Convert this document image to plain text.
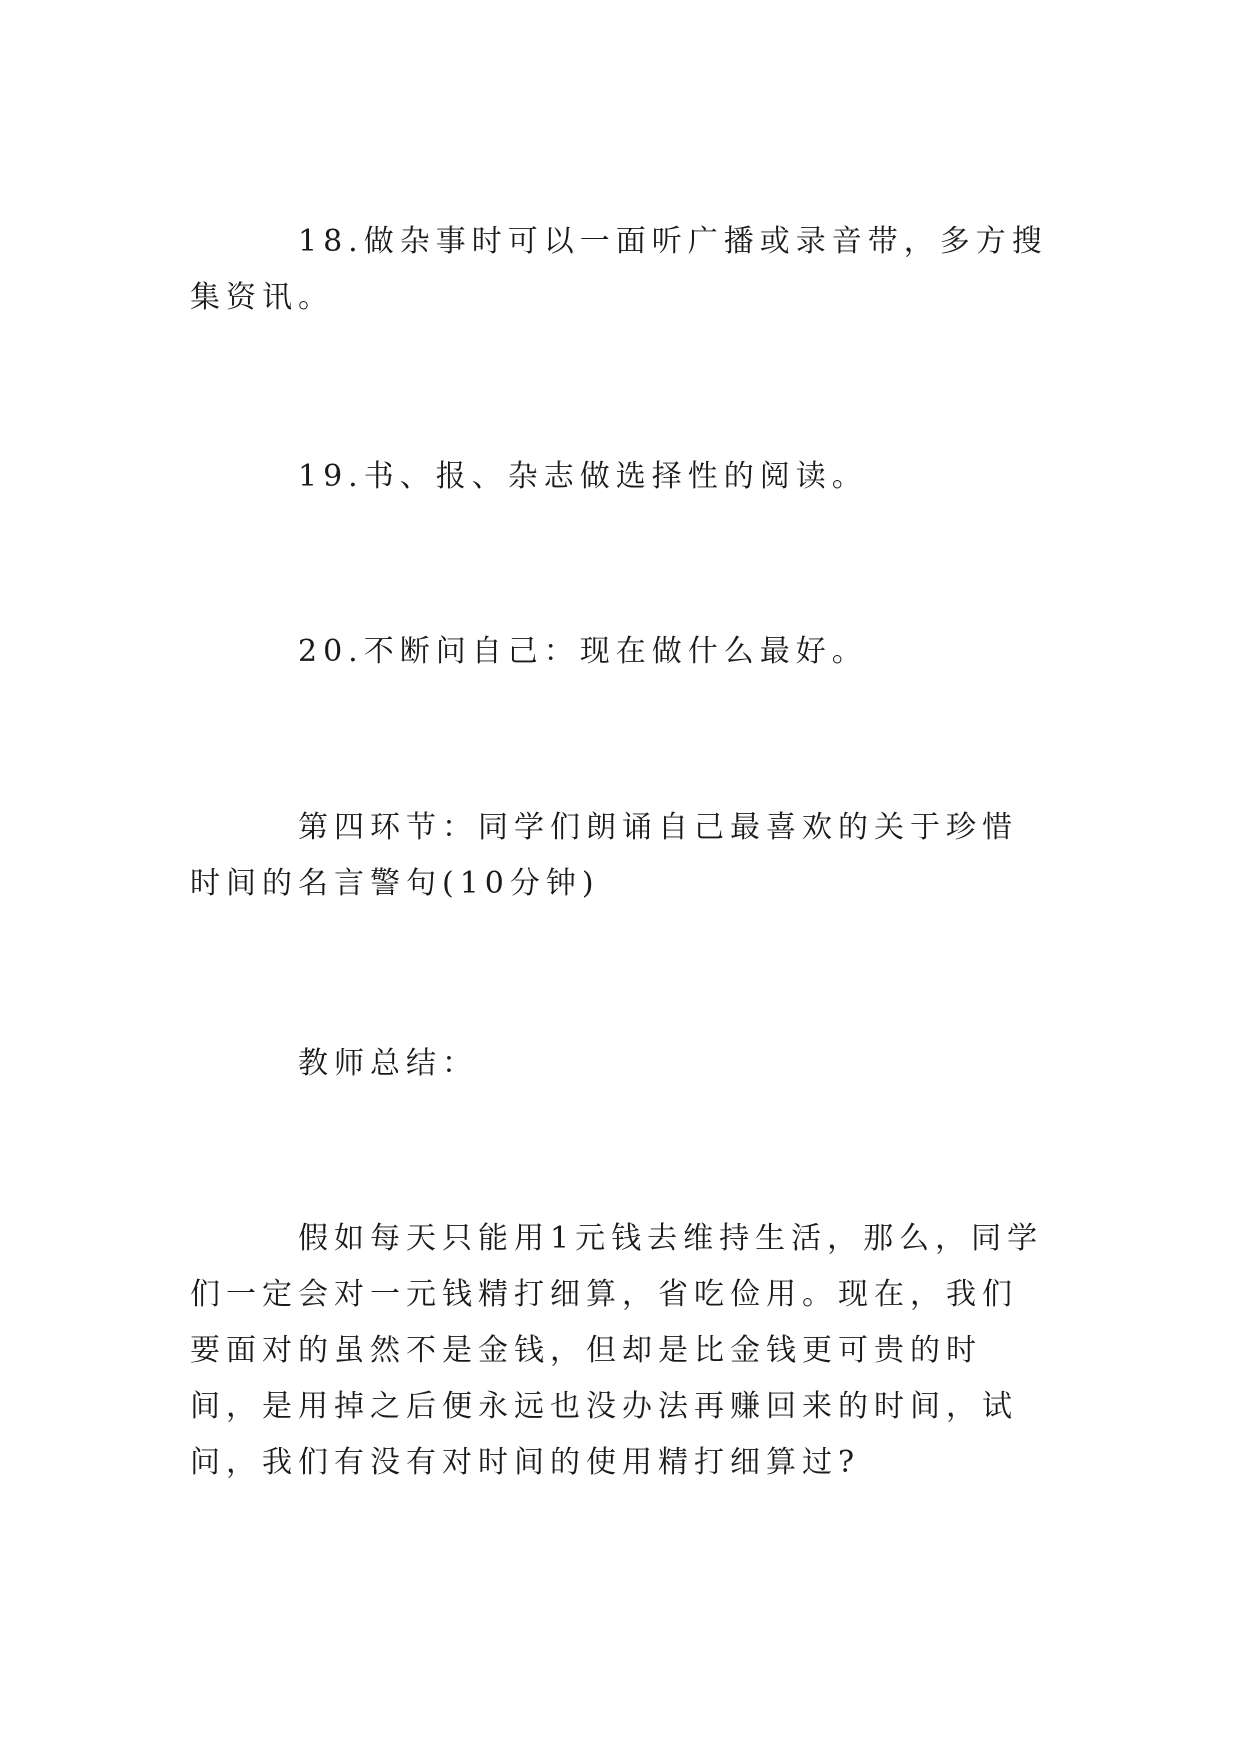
18.做杂事时可以一面听广播或录音带，多方搜集资讯。

19.书、报、杂志做选择性的阅读。

20.不断问自己：现在做什么最好。

第四环节：同学们朗诵自己最喜欢的关于珍惜时间的名言警句(10分钟)

教师总结：

假如每天只能用1元钱去维持生活，那么，同学们一定会对一元钱精打细算，省吃俭用。现在，我们要面对的虽然不是金钱，但却是比金钱更可贵的时间，是用掉之后便永远也没办法再赚回来的时间，试问，我们有没有对时间的使用精打细算过?
